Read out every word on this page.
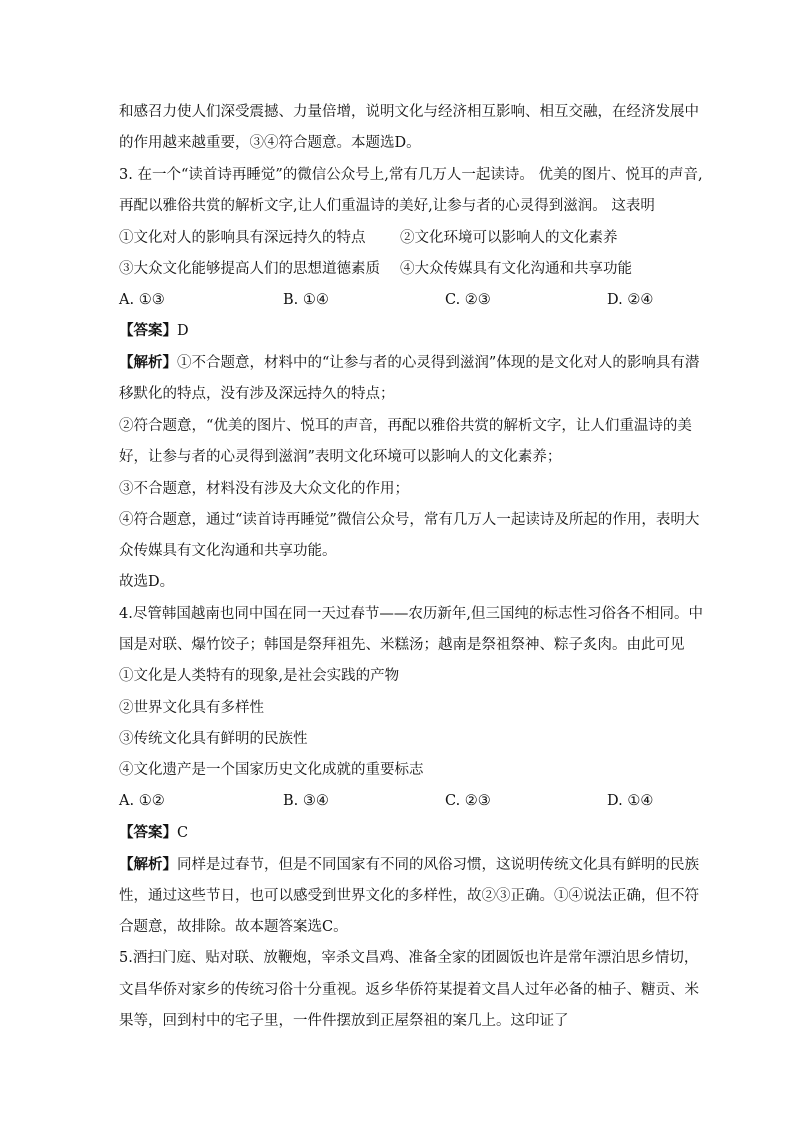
和感召力使人们深受震撼、力量倍增，说明文化与经济相互影响、相互交融，在经济发展中
的作用越来越重要，③④符合题意。本题选D。
3. 在一个“读首诗再睡觉”的微信公众号上,常有几万人一起读诗。 优美的图片、悦耳的声音,
再配以雅俗共赏的解析文字,让人们重温诗的美好,让参与者的心灵得到滋润。 这表明
①文化对人的影响具有深远持久的特点 ②文化环境可以影响人的文化素养
③大众文化能够提高人们的思想道德素质 ④大众传媒具有文化沟通和共享功能
A. ①③	B. ①④	C. ②③	D. ②④
【答案】D
【解析】①不合题意，材料中的“让参与者的心灵得到滋润”体现的是文化对人的影响具有潜
移默化的特点，没有涉及深远持久的特点；
②符合题意，“优美的图片、悦耳的声音，再配以雅俗共赏的解析文字，让人们重温诗的美
好，让参与者的心灵得到滋润”表明文化环境可以影响人的文化素养；
③不合题意，材料没有涉及大众文化的作用；
④符合题意，通过“读首诗再睡觉”微信公众号，常有几万人一起读诗及所起的作用，表明大
众传媒具有文化沟通和共享功能。
故选D。
4.尽管韩国越南也同中国在同一天过春节——农历新年,但三国纯的标志性习俗各不相同。中
国是对联、爆竹饺子；韩国是祭拜祖先、米糕汤；越南是祭祖祭神、粽子炙肉。由此可见
①文化是人类特有的现象,是社会实践的产物
②世界文化具有多样性
③传统文化具有鲜明的民族性
④文化遗产是一个国家历史文化成就的重要标志
A. ①②	B. ③④	C. ②③	D. ①④
【答案】C
【解析】同样是过春节，但是不同国家有不同的风俗习惯，这说明传统文化具有鲜明的民族
性，通过这些节日，也可以感受到世界文化的多样性，故②③正确。①④说法正确，但不符
合题意，故排除。故本题答案选C。
5.酒扫门庭、贴对联、放鞭炮，宰杀文昌鸡、准备全家的团圆饭也许是常年漂泊思乡情切，
文昌华侨对家乡的传统习俗十分重视。返乡华侨符某提着文昌人过年必备的柚子、糖贡、米
果等，回到村中的宅子里，一件件摆放到正屋祭祖的案几上。这印证了
